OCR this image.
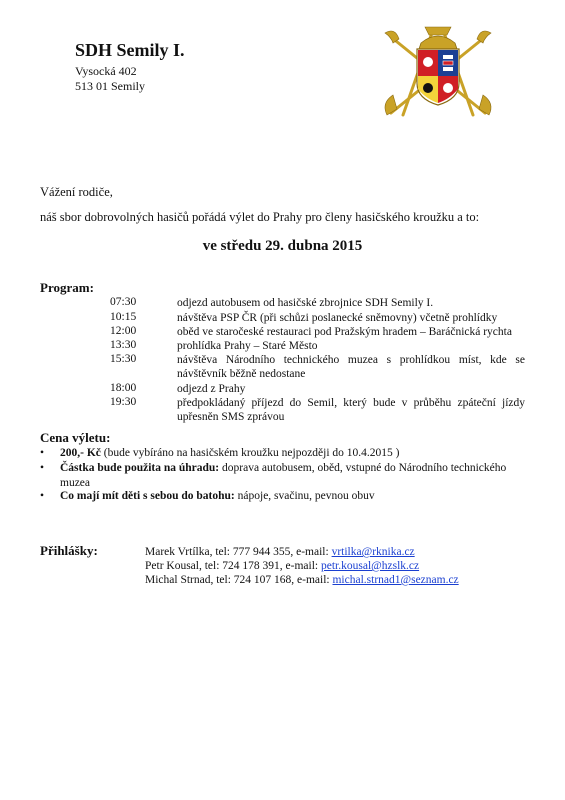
SDH Semily I.
Vysocká 402
513 01 Semily
Vážení rodiče,
náš sbor dobrovolných hasičů pořádá výlet do Prahy pro členy hasičského kroužku a to:
ve středu 29. dubna 2015
Program:
07:30	odjezd autobusem od hasičské zbrojnice SDH Semily I.
10:15	návštěva PSP ČR (při schůzi poslanecké sněmovny) včetně prohlídky
12:00	oběd ve staročeské restauraci pod Pražským hradem – Baráčnická rychta
13:30	prohlídka Prahy – Staré Město
15:30	návštěva Národního technického muzea s prohlídkou míst, kde se návštěvník běžně nedostane
18:00	odjezd z Prahy
19:30	předpokládaný příjezd do Semil, který bude v průběhu zpáteční jízdy upřesněn SMS zprávou
Cena výletu:
• 200,- Kč (bude vybíráno na hasičském kroužku nejpozději do 10.4.2015 )
• Částka bude použita na úhradu: doprava autobusem, oběd, vstupné do Národního technického muzea
• Co mají mít děti s sebou do batohu: nápoje, svačinu, pevnou obuv
Přihlášky:	Marek Vrtílka, tel: 777 944 355, e-mail: vrtilka@rknika.cz
Petr Kousal, tel: 724 178 391, e-mail: petr.kousal@hzslk.cz
Michal Strnad, tel: 724 107 168, e-mail: michal.strnad1@seznam.cz
